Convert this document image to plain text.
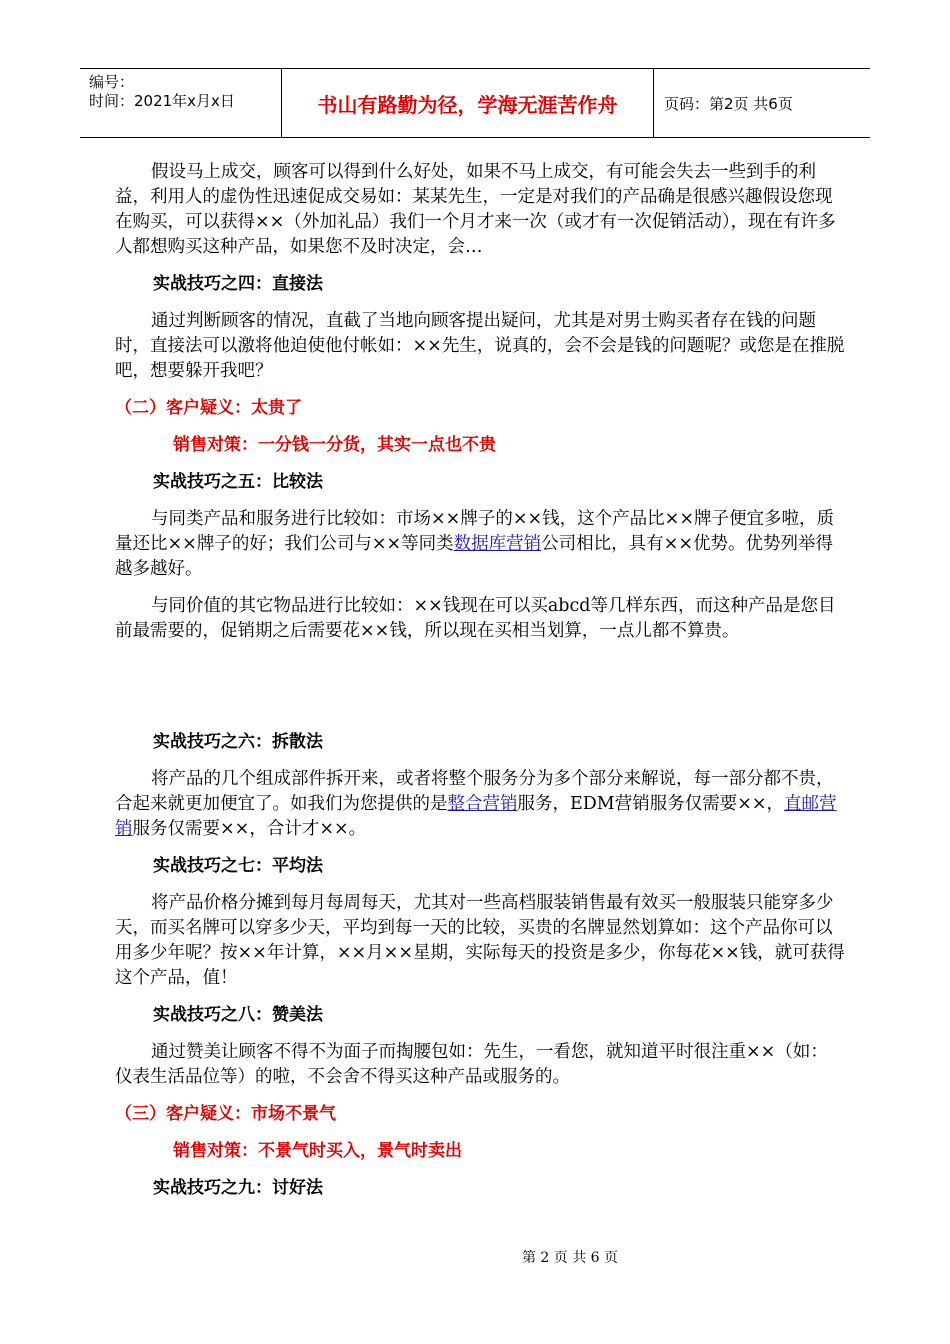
编号：
时间：2021年x月x日	书山有路勤为径，学海无涯苦作舟	页码：第2页 共6页

假设马上成交，顾客可以得到什么好处，如果不马上成交，有可能会失去一些到手的利益，利用人的虚伪性迅速促成交易如：某某先生，一定是对我们的产品确是很感兴趣假设您现在购买，可以获得××（外加礼品）我们一个月才来一次（或才有一次促销活动），现在有许多人都想购买这种产品，如果您不及时决定，会…

实战技巧之四：直接法

通过判断顾客的情况，直截了当地向顾客提出疑问，尤其是对男士购买者存在钱的问题时，直接法可以激将他迫使他付帐如：××先生，说真的，会不会是钱的问题呢？或您是在推脱吧，想要躲开我吧？

（二）客户疑义：太贵了

销售对策：一分钱一分货，其实一点也不贵

实战技巧之五：比较法

与同类产品和服务进行比较如：市场××牌子的××钱，这个产品比××牌子便宜多啦，质量还比××牌子的好；我们公司与××等同类数据库营销公司相比，具有××优势。优势列举得越多越好。

与同价值的其它物品进行比较如：××钱现在可以买abcd等几样东西，而这种产品是您目前最需要的，促销期之后需要花××钱，所以现在买相当划算，一点儿都不算贵。

实战技巧之六：拆散法

将产品的几个组成部件拆开来，或者将整个服务分为多个部分来解说，每一部分都不贵，合起来就更加便宜了。如我们为您提供的是整合营销服务，EDM营销服务仅需要××，直邮营销服务仅需要××，合计才××。

实战技巧之七：平均法

将产品价格分摊到每月每周每天，尤其对一些高档服装销售最有效买一般服装只能穿多少天，而买名牌可以穿多少天，平均到每一天的比较，买贵的名牌显然划算如：这个产品你可以用多少年呢？按××年计算，××月××星期，实际每天的投资是多少，你每花××钱，就可获得这个产品，值！

实战技巧之八：赞美法

通过赞美让顾客不得不为面子而掏腰包如：先生，一看您，就知道平时很注重××（如：仪表生活品位等）的啦，不会舍不得买这种产品或服务的。

（三）客户疑义：市场不景气

销售对策：不景气时买入，景气时卖出

实战技巧之九：讨好法

第 2 页 共 6 页
